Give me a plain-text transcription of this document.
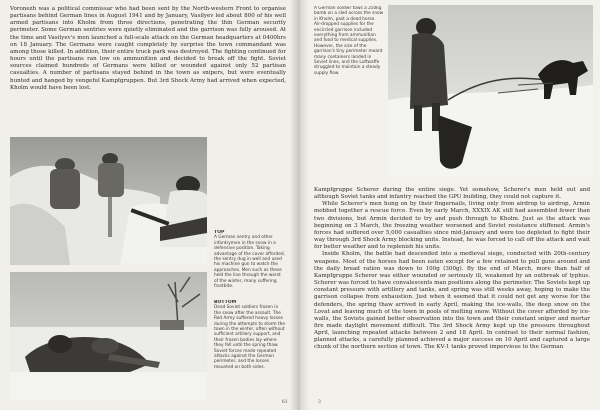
Voronezh was a political commissar who had been sent by the North-western Front to organise partisans behind German lines in August 1941 and by January, Vasilyev led about 800 of his well armed partisans into Kholm from three directions, penetrating the thin German security perimeter. Some German sentries were quietly eliminated and the garrison was fully aroused. At the time and Vasilyev's men launched a full-scale attack on the German headquarters at 0400hrs on 18 January. The Germans were caught completely by surprise the town commandant was among those killed. In addition, their entire truck park was destroyed. The fighting continued for hours until the partisans ran low on ammunition and decided to break off the fight. Soviet sources claimed hundreds of Germans were killed or wounded against only 52 partisan casualties. A number of partisans stayed behind in the town as snipers, but were eventually hunted and hanged by vengeful Kampfgruppen. But 3rd Shock Army had arrived when expected, Kholm would have been lost.

TOP
A German sentry and other infantrymen in the snow in a defensive position. Taking advantage of the cover afforded, the sentry dug in well and used his machine gun to watch the approaches. Men such as these held the line through the worst of the winter, many suffering frostbite.

BOTTOM
Dead Soviet soldiers frozen in the snow after the assault. The Red Army suffered heavy losses during the attempts to storm the town in the winter, often without sufficient artillery support, and their frozen bodies lay where they fell until the spring thaw. Soviet forces made repeated attacks against the German perimeter, and the losses mounted on both sides.

61

A German soldier tows a 250kg bomb on a sled across the snow in Kholm, past a dead horse. Air-dropped supplies for the encircled garrison included everything from ammunition and food to medical supplies. However, the size of the garrison's tiny perimeter meant many containers landed in Soviet lines, and the Luftwaffe struggled to maintain a steady supply flow.

Kampfgruppe Scherer during the entire siege. Yet somehow, Scherer's men held out and although Soviet tanks and infantry reached the GPU building, they could not capture it.

While Scherer's men hung on by their fingernails, living only from airdrop to airdrop, Armin mobbed together a rescue force. Even by early March, XXXIX AK still had assembled fewer than two divisions, but Armin decided to try and push through to Kholm. Just as the attack was beginning on 3 March, the freezing weather worsened and Soviet resistance stiffened. Armin's forces had suffered over 5,000 casualties since mid-January and were too depleted to fight their way through 3rd Shock Army blocking units. Instead, he was forced to call off the attack and wait for better weather and to replenish his units.

Inside Kholm, the battle had descended into a medieval siege, conducted with 20th-century weapons. Most of the horses had been eaten except for a few retained to pull guns around and the daily bread ration was down to 100g (300g). By the end of March, more than half of Kampfgruppe Scherer was either wounded or seriously ill, weakened by an outbreak of typhus. Scherer was forced to have convalescents man positions along the perimeter. The Soviets kept up constant pressure with artillery and tanks, and spring was still weeks away, hoping to make the garrison collapse from exhaustion. Just when it seemed that it could not get any worse for the defenders, the spring thaw arrived in early April, making the ice-walls, the deep snow on the Lovat and leaving much of the town in pools of melting snow. Without the cover afforded by ice-walls, the Soviets gained better observation into the town and their constant sniper and mortar fire made daylight movement difficult. The 3rd Shock Army kept up the pressure throughout April, launching repeated attacks between 2 and 18 April. In contrast to their normal fashion, planned attacks, a carefully planned achieved a major success on 10 April and captured a large chunk of the northern section of town. The KV-1 tanks proved impervious to the German

3
